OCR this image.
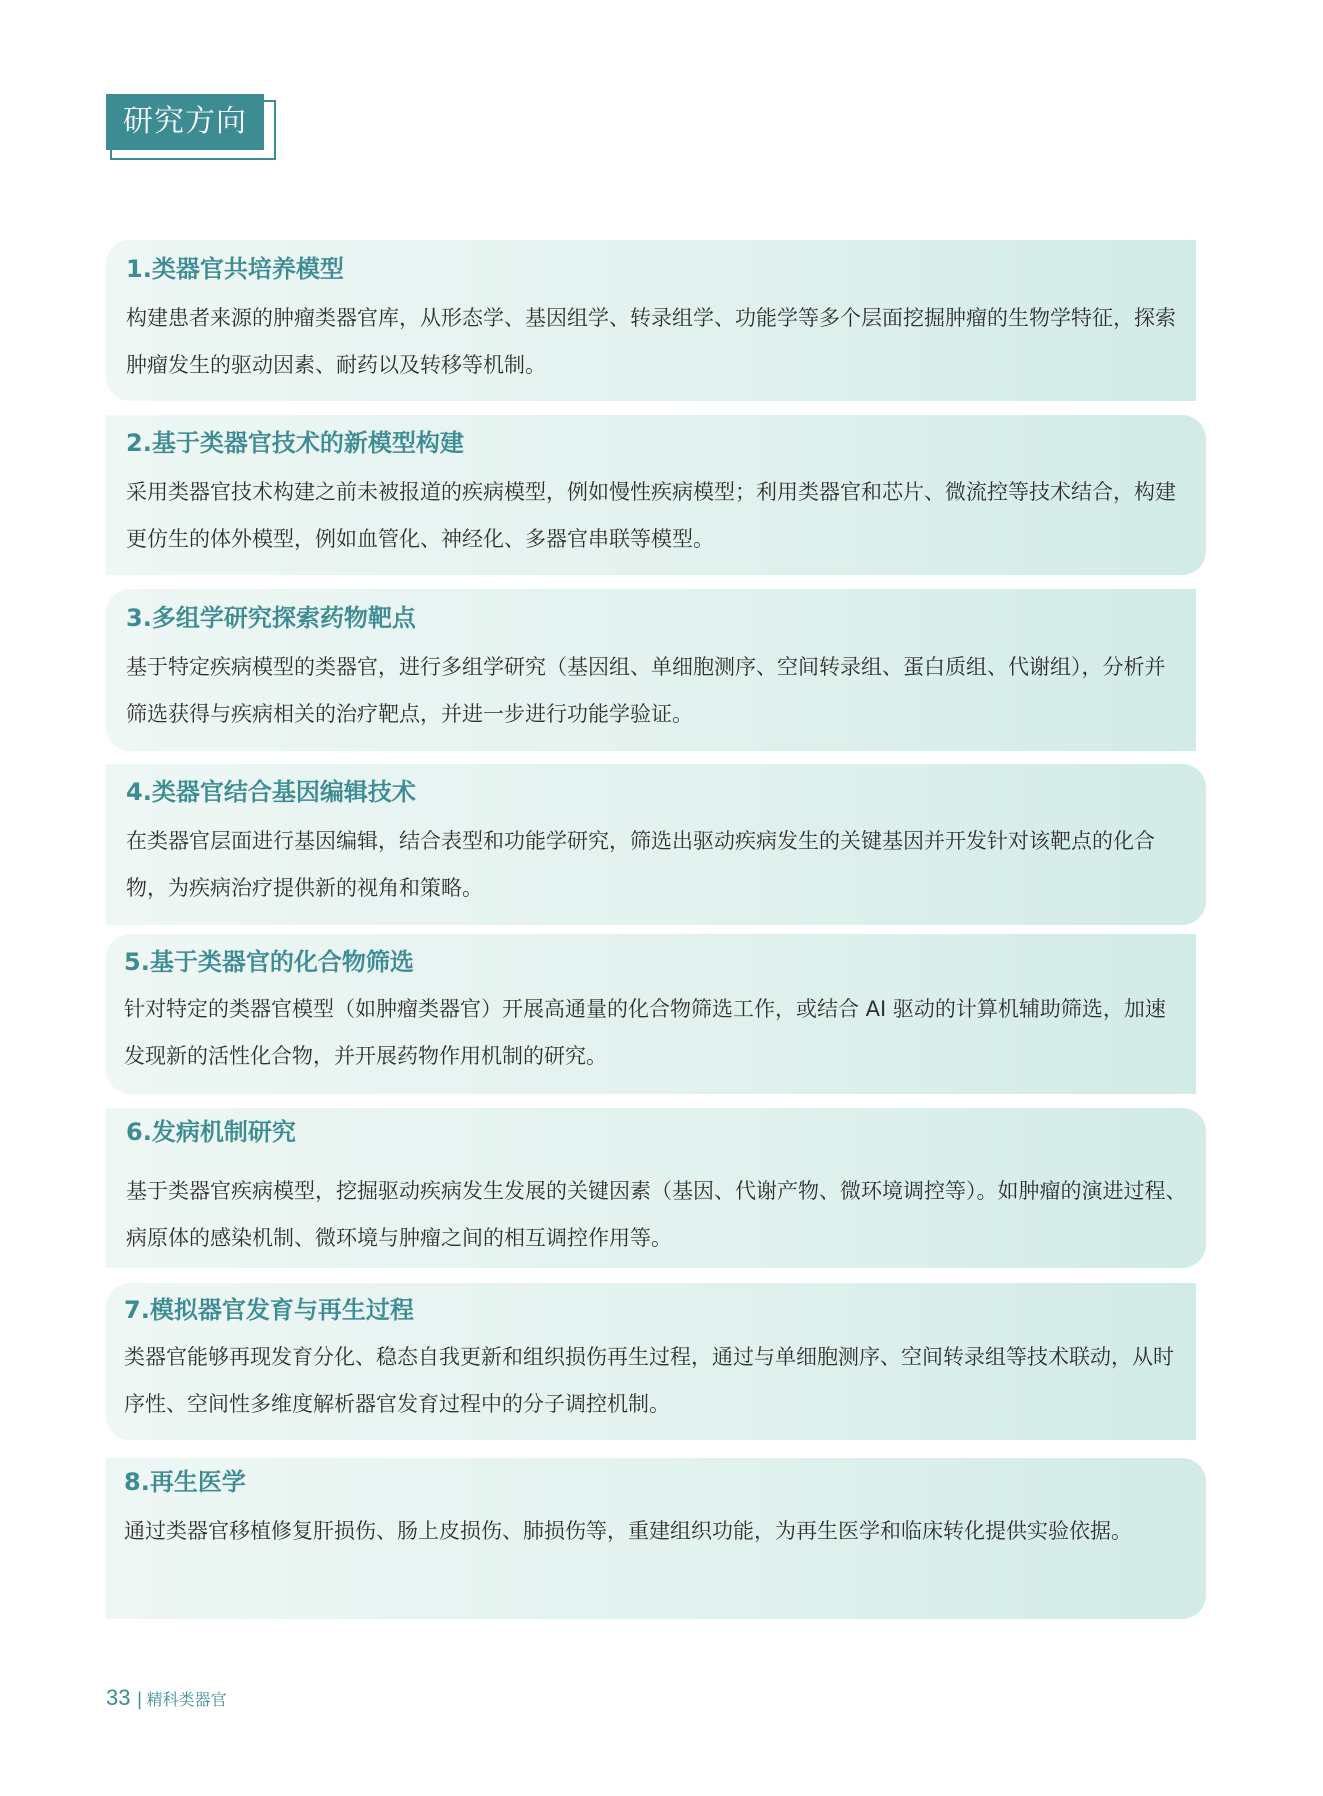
研究方向

1.类器官共培养模型

构建患者来源的肿瘤类器官库，从形态学、基因组学、转录组学、功能学等多个层面挖掘肿瘤的生物学特征，探索肿瘤发生的驱动因素、耐药以及转移等机制。

2.基于类器官技术的新模型构建

采用类器官技术构建之前未被报道的疾病模型，例如慢性疾病模型；利用类器官和芯片、微流控等技术结合，构建更仿生的体外模型，例如血管化、神经化、多器官串联等模型。

3.多组学研究探索药物靶点

基于特定疾病模型的类器官，进行多组学研究（基因组、单细胞测序、空间转录组、蛋白质组、代谢组），分析并筛选获得与疾病相关的治疗靶点，并进一步进行功能学验证。

4.类器官结合基因编辑技术

在类器官层面进行基因编辑，结合表型和功能学研究，筛选出驱动疾病发生的关键基因并开发针对该靶点的化合物，为疾病治疗提供新的视角和策略。

5.基于类器官的化合物筛选

针对特定的类器官模型（如肿瘤类器官）开展高通量的化合物筛选工作，或结合 AI 驱动的计算机辅助筛选，加速发现新的活性化合物，并开展药物作用机制的研究。

6.发病机制研究

基于类器官疾病模型，挖掘驱动疾病发生发展的关键因素（基因、代谢产物、微环境调控等）。如肿瘤的演进过程、病原体的感染机制、微环境与肿瘤之间的相互调控作用等。

7.模拟器官发育与再生过程

类器官能够再现发育分化、稳态自我更新和组织损伤再生过程，通过与单细胞测序、空间转录组等技术联动，从时序性、空间性多维度解析器官发育过程中的分子调控机制。

8.再生医学

通过类器官移植修复肝损伤、肠上皮损伤、肺损伤等，重建组织功能，为再生医学和临床转化提供实验依据。

33 | 精科类器官
